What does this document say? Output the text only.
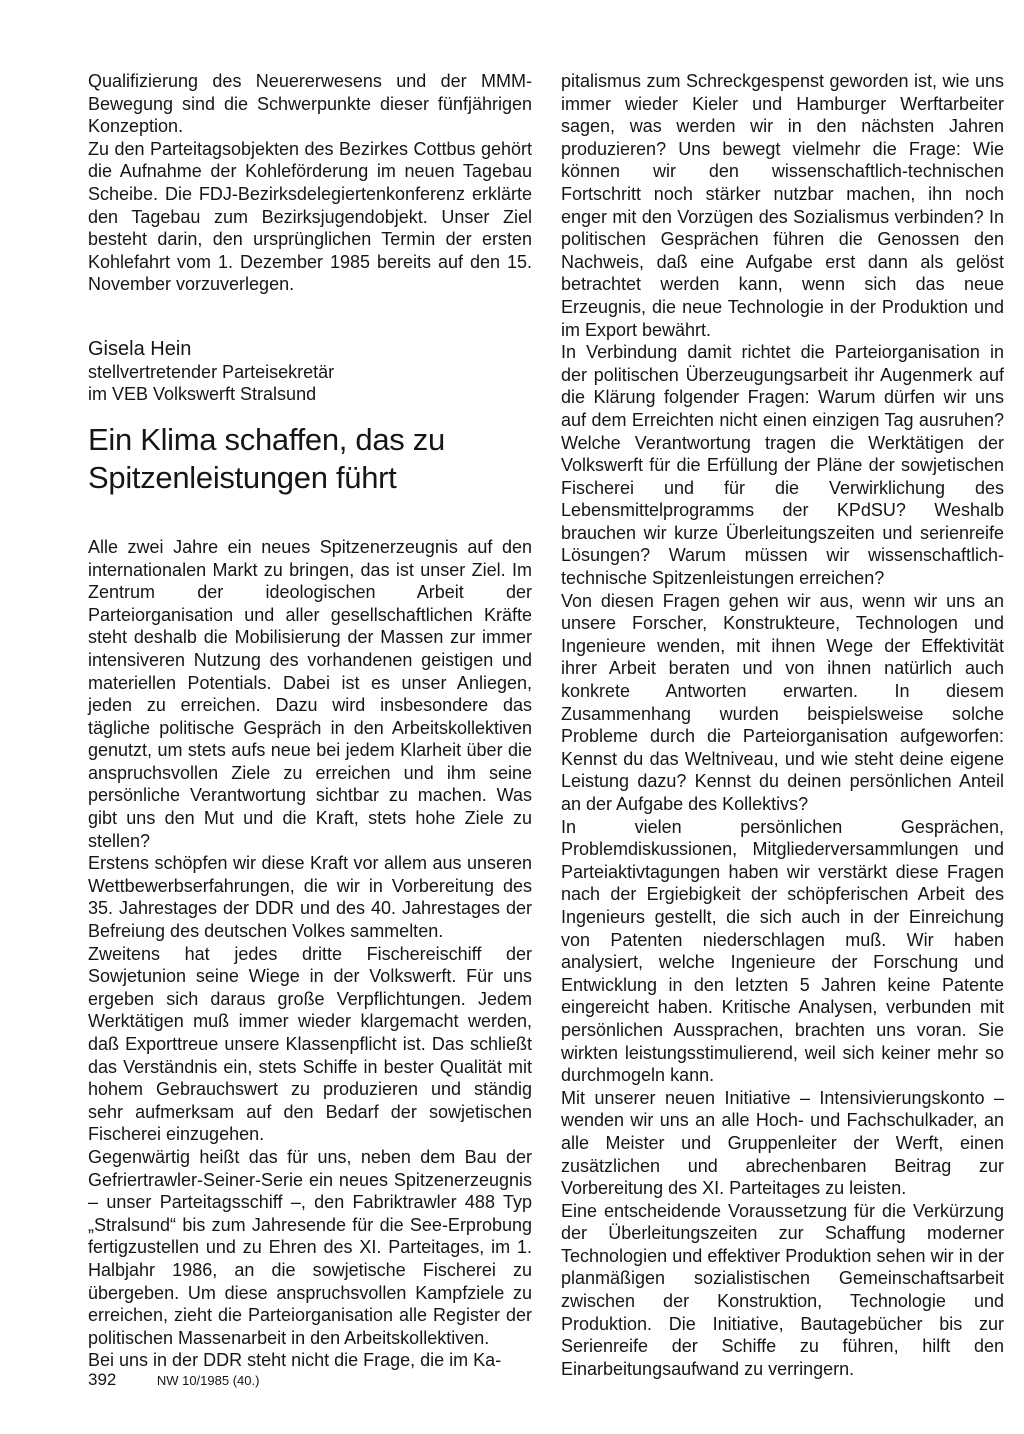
Qualifizierung des Neuererwesens und der MMM-Bewegung sind die Schwerpunkte dieser fünfjährigen Konzeption.

Zu den Parteitagsobjekten des Bezirkes Cottbus gehört die Aufnahme der Kohleförderung im neuen Tagebau Scheibe. Die FDJ-Bezirksdelegiertenkonferenz erklärte den Tagebau zum Bezirksjugendobjekt. Unser Ziel besteht darin, den ursprünglichen Termin der ersten Kohlefahrt vom 1. Dezember 1985 bereits auf den 15. November vorzuverlegen.

Gisela Hein

stellvertretender Parteisekretär

im VEB Volkswerft Stralsund

Ein Klima schaffen, das zu
Spitzenleistungen führt

Alle zwei Jahre ein neues Spitzenerzeugnis auf den internationalen Markt zu bringen, das ist unser Ziel. Im Zentrum der ideologischen Arbeit der Parteiorganisation und aller gesellschaftlichen Kräfte steht deshalb die Mobilisierung der Massen zur immer intensiveren Nutzung des vorhandenen geistigen und materiellen Potentials. Dabei ist es unser Anliegen, jeden zu erreichen. Dazu wird insbesondere das tägliche politische Gespräch in den Arbeitskollektiven genutzt, um stets aufs neue bei jedem Klarheit über die anspruchsvollen Ziele zu erreichen und ihm seine persönliche Verantwortung sichtbar zu machen. Was gibt uns den Mut und die Kraft, stets hohe Ziele zu stellen?

Erstens schöpfen wir diese Kraft vor allem aus unseren Wettbewerbserfahrungen, die wir in Vorbereitung des 35. Jahrestages der DDR und des 40. Jahrestages der Befreiung des deutschen Volkes sammelten.

Zweitens hat jedes dritte Fischereischiff der Sowjetunion seine Wiege in der Volkswerft. Für uns ergeben sich daraus große Verpflichtungen. Jedem Werktätigen muß immer wieder klargemacht werden, daß Exporttreue unsere Klassenpflicht ist. Das schließt das Verständnis ein, stets Schiffe in bester Qualität mit hohem Gebrauchswert zu produzieren und ständig sehr aufmerksam auf den Bedarf der sowjetischen Fischerei einzugehen.

Gegenwärtig heißt das für uns, neben dem Bau der Gefriertrawler-Seiner-Serie ein neues Spitzenerzeugnis – unser Parteitagsschiff –, den Fabriktrawler 488 Typ „Stralsund“ bis zum Jahresende für die See-Erprobung fertigzustellen und zu Ehren des XI. Parteitages, im 1. Halbjahr 1986, an die sowjetische Fischerei zu übergeben. Um diese anspruchsvollen Kampfziele zu erreichen, zieht die Parteiorganisation alle Register der politischen Massenarbeit in den Arbeitskollektiven.

Bei uns in der DDR steht nicht die Frage, die im Ka-

pitalismus zum Schreckgespenst geworden ist, wie uns immer wieder Kieler und Hamburger Werftarbeiter sagen, was werden wir in den nächsten Jahren produzieren? Uns bewegt vielmehr die Frage: Wie können wir den wissenschaftlich-technischen Fortschritt noch stärker nutzbar machen, ihn noch enger mit den Vorzügen des Sozialismus verbinden? In politischen Gesprächen führen die Genossen den Nachweis, daß eine Aufgabe erst dann als gelöst betrachtet werden kann, wenn sich das neue Erzeugnis, die neue Technologie in der Produktion und im Export bewährt.

In Verbindung damit richtet die Parteiorganisation in der politischen Überzeugungsarbeit ihr Augenmerk auf die Klärung folgender Fragen: Warum dürfen wir uns auf dem Erreichten nicht einen einzigen Tag ausruhen? Welche Verantwortung tragen die Werktätigen der Volkswerft für die Erfüllung der Pläne der sowjetischen Fischerei und für die Verwirklichung des Lebensmittelprogramms der KPdSU? Weshalb brauchen wir kurze Überleitungszeiten und serienreife Lösungen? Warum müssen wir wissenschaftlich-technische Spitzenleistungen erreichen?

Von diesen Fragen gehen wir aus, wenn wir uns an unsere Forscher, Konstrukteure, Technologen und Ingenieure wenden, mit ihnen Wege der Effektivität ihrer Arbeit beraten und von ihnen natürlich auch konkrete Antworten erwarten. In diesem Zusammenhang wurden beispielsweise solche Probleme durch die Parteiorganisation aufgeworfen: Kennst du das Weltniveau, und wie steht deine eigene Leistung dazu? Kennst du deinen persönlichen Anteil an der Aufgabe des Kollektivs?

In vielen persönlichen Gesprächen, Problemdiskussionen, Mitgliederversammlungen und Parteiaktivtagungen haben wir verstärkt diese Fragen nach der Ergiebigkeit der schöpferischen Arbeit des Ingenieurs gestellt, die sich auch in der Einreichung von Patenten niederschlagen muß. Wir haben analysiert, welche Ingenieure der Forschung und Entwicklung in den letzten 5 Jahren keine Patente eingereicht haben. Kritische Analysen, verbunden mit persönlichen Aussprachen, brachten uns voran. Sie wirkten leistungsstimulierend, weil sich keiner mehr so durchmogeln kann.

Mit unserer neuen Initiative – Intensivierungskonto – wenden wir uns an alle Hoch- und Fachschulkader, an alle Meister und Gruppenleiter der Werft, einen zusätzlichen und abrechenbaren Beitrag zur Vorbereitung des XI. Parteitages zu leisten.

Eine entscheidende Voraussetzung für die Verkürzung der Überleitungszeiten zur Schaffung moderner Technologien und effektiver Produktion sehen wir in der planmäßigen sozialistischen Gemeinschaftsarbeit zwischen der Konstruktion, Technologie und Produktion. Die Initiative, Bautagebücher bis zur Serienreife der Schiffe zu führen, hilft den Einarbeitungsaufwand zu verringern.

392	NW 10/1985 (40.)
